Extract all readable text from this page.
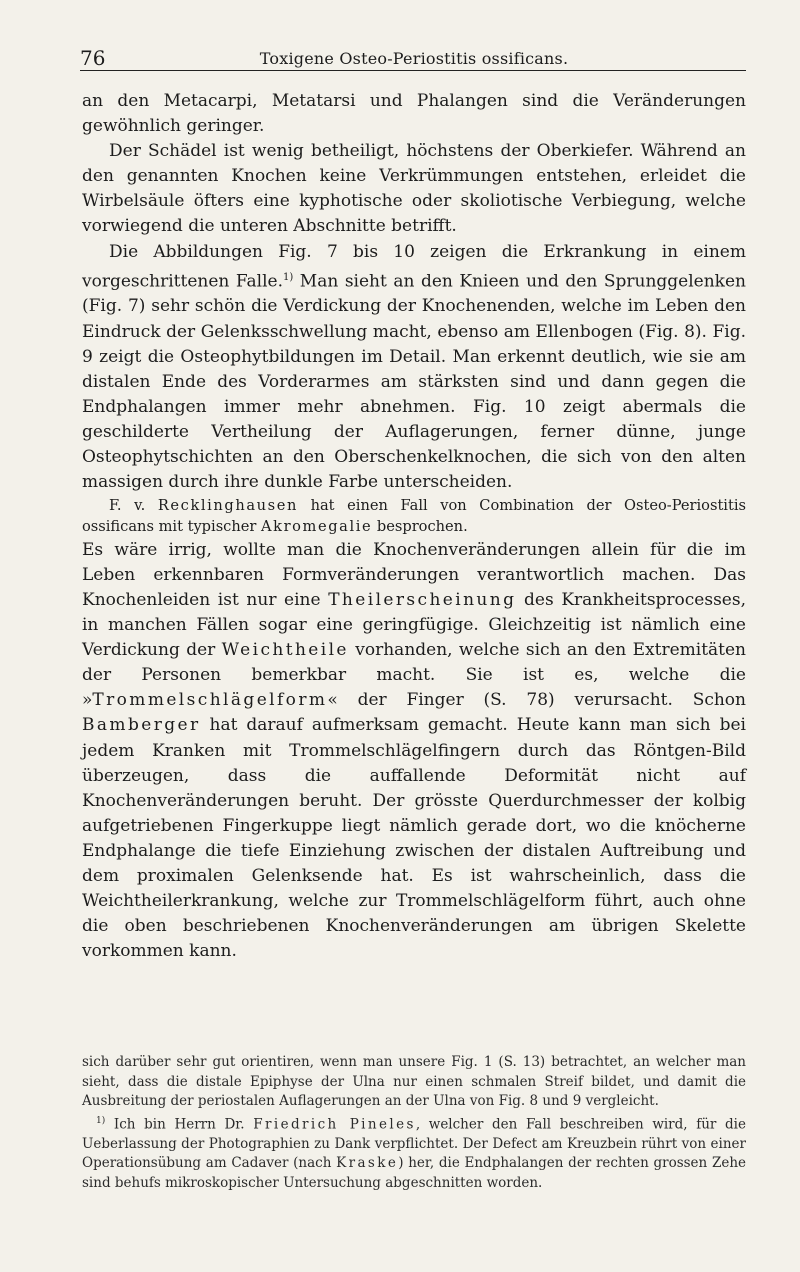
76	Toxigene Osteo-Periostitis ossificans.

an den Metacarpi, Metatarsi und Phalangen sind die Veränderungen gewöhnlich geringer.

Der Schädel ist wenig betheiligt, höchstens der Oberkiefer. Während an den genannten Knochen keine Verkrümmungen entstehen, erleidet die Wirbelsäule öfters eine kyphotische oder skoliotische Verbiegung, welche vorwiegend die unteren Abschnitte betrifft.

Die Abbildungen Fig. 7 bis 10 zeigen die Erkrankung in einem vorgeschrittenen Falle.$^{1)}$ Man sieht an den Knieen und den Sprunggelenken (Fig. 7) sehr schön die Verdickung der Knochenenden, welche im Leben den Eindruck der Gelenksschwellung macht, ebenso am Ellenbogen (Fig. 8). Fig. 9 zeigt die Osteophytbildungen im Detail. Man erkennt deutlich, wie sie am distalen Ende des Vorderarmes am stärksten sind und dann gegen die Endphalangen immer mehr abnehmen. Fig. 10 zeigt abermals die geschilderte Vertheilung der Auflagerungen, ferner dünne, junge Osteophytschichten an den Oberschenkelknochen, die sich von den alten massigen durch ihre dunkle Farbe unterscheiden.

F. v. Recklinghausen hat einen Fall von Combination der Osteo-Periostitis ossificans mit typischer Akromegalie besprochen.

Es wäre irrig, wollte man die Knochenveränderungen allein für die im Leben erkennbaren Formveränderungen verantwortlich machen. Das Knochenleiden ist nur eine Theilerscheinung des Krankheitsprocesses, in manchen Fällen sogar eine geringfügige. Gleichzeitig ist nämlich eine Verdickung der Weichtheile vorhanden, welche sich an den Extremitäten der Personen bemerkbar macht. Sie ist es, welche die »Trommelschlägelform« der Finger (S. 78) verursacht. Schon Bamberger hat darauf aufmerksam gemacht. Heute kann man sich bei jedem Kranken mit Trommelschlägelfingern durch das Röntgen-Bild überzeugen, dass die auffallende Deformität nicht auf Knochenveränderungen beruht. Der grösste Querdurchmesser der kolbig aufgetriebenen Fingerkuppe liegt nämlich gerade dort, wo die knöcherne Endphalange die tiefe Einziehung zwischen der distalen Auftreibung und dem proximalen Gelenksende hat. Es ist wahrscheinlich, dass die Weichtheilerkrankung, welche zur Trommelschlägelform führt, auch ohne die oben beschriebenen Knochenveränderungen am übrigen Skelette vorkommen kann.

sich darüber sehr gut orientiren, wenn man unsere Fig. 1 (S. 13) betrachtet, an welcher man sieht, dass die distale Epiphyse der Ulna nur einen schmalen Streif bildet, und damit die Ausbreitung der periostalen Auflagerungen an der Ulna von Fig. 8 und 9 vergleicht.

$^{1)}$ Ich bin Herrn Dr. Friedrich Pineles, welcher den Fall beschreiben wird, für die Ueberlassung der Photographien zu Dank verpflichtet. Der Defect am Kreuzbein rührt von einer Operationsübung am Cadaver (nach Kraske) her, die Endphalangen der rechten grossen Zehe sind behufs mikroskopischer Untersuchung abgeschnitten worden.
